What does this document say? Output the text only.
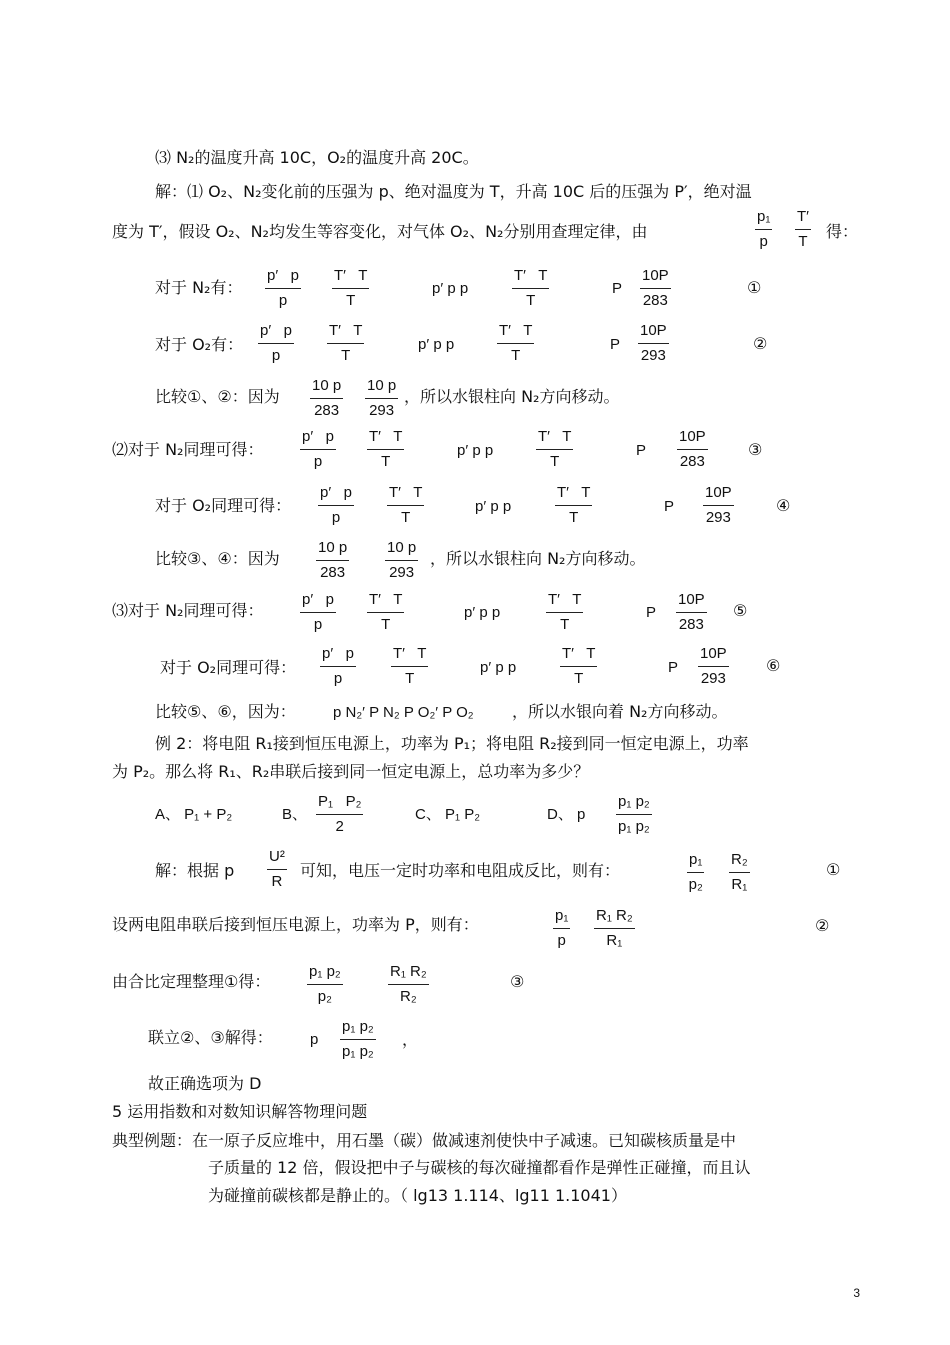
⑶ N₂的温度升高 10C，O₂的温度升高 20C。
解：⑴ O₂、N₂变化前的压强为 p、绝对温度为 T，升高 10C 后的压强为 P′，绝对温
度为 T′，假设 O₂、N₂均发生等容变化，对气体 O₂、N₂分别用查理定律，由
p₁
p
T′
T
得：
对于 N₂有：
p′   p
p
T′   T
T
p′ p p
T′   T
T
P
10P
283
①
对于 O₂有：
p′   p
p
T′   T
T
p′ p p
T′   T
T
P
10P
293
②
比较①、②：因为
10 p
283
10 p
293
，所以水银柱向 N₂方向移动。
⑵对于 N₂同理可得：
p′   p
p
T′   T
T
p′ p p
T′   T
T
P
10P
283
③
对于 O₂同理可得：
p′   p
p
T′   T
T
p′ p p
T′   T
T
P
10P
293
④
比较③、④：因为
10 p
283
10 p
293
，所以水银柱向 N₂方向移动。
⑶对于 N₂同理可得：
p′   p
p
T′   T
T
p′ p p
T′   T
T
P
10P
283
⑤
对于 O₂同理可得：
p′   p
p
T′   T
T
p′ p p
T′   T
T
P
10P
293
⑥
比较⑤、⑥，因为： p N₂′ P N₂ P O₂′ P O₂ ，所以水银向着 N₂方向移动。
例 2：将电阻 R₁接到恒压电源上，功率为 P₁；将电阻 R₂接到同一恒定电源上，功率
为 P₂。那么将 R₁、R₂串联后接到同一恒定电源上，总功率为多少？
A、 P₁ + P₂	B、
P₁   P₂
2
C、 P₁ P₂	D、 p
p₁ p₂
p₁ p₂
解：根据 p
U²
R
可知，电压一定时功率和电阻成反比，则有：
p₁
p₂
R₂
R₁
①
设两电阻串联后接到恒压电源上，功率为 P，则有：	p₁
p
R₁ R₂
R₁
②
由合比定理整理①得：
p₁ p₂
p₂
R₁ R₂
R₂
③
联立②、③解得： p
p₁ p₂
p₁ p₂
，
故正确选项为 D
5 运用指数和对数知识解答物理问题
典型例题：在一原子反应堆中，用石墨（碳）做减速剂使快中子减速。已知碳核质量是中
子质量的 12 倍，假设把中子与碳核的每次碰撞都看作是弹性正碰撞，而且认
为碰撞前碳核都是静止的。（ lg13 1.114、lg11 1.1041）
3
